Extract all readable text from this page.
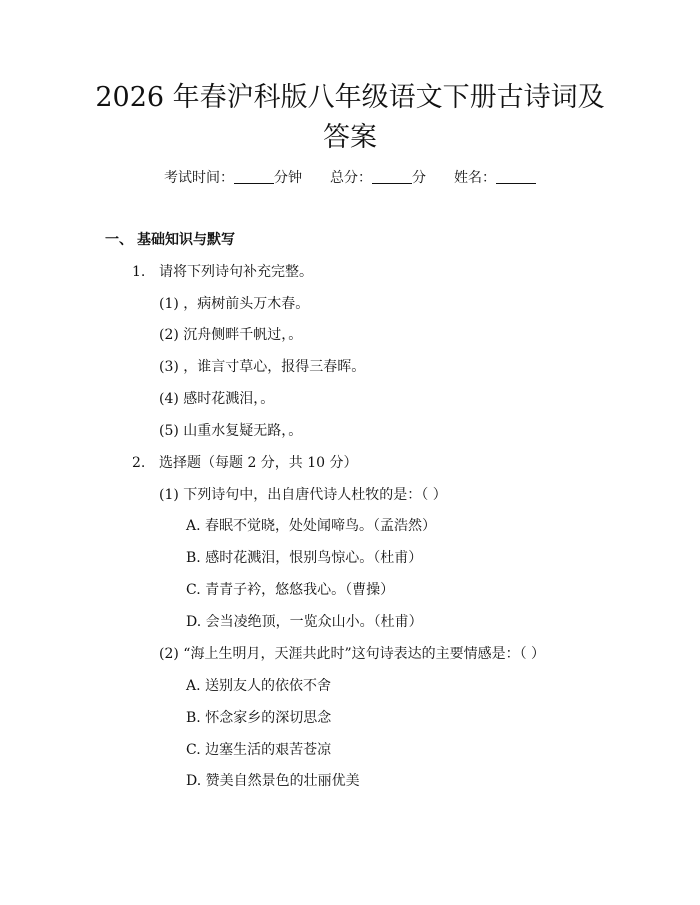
2026 年春沪科版八年级语文下册古诗词及答案
考试时间：	分钟 总分：	分 姓名：
一、 基础知识与默写
1. 请将下列诗句补充完整。
(1) ，病树前头万木春。
(2) 沉舟侧畔千帆过，。
(3) ，谁言寸草心，报得三春晖。
(4) 感时花溅泪，。
(5) 山重水复疑无路，。
2. 选择题（每题 2 分，共 10 分）
(1) 下列诗句中，出自唐代诗人杜牧的是：（ ）
A. 春眠不觉晓，处处闻啼鸟。（孟浩然）
B. 感时花溅泪，恨别鸟惊心。（杜甫）
C. 青青子衿，悠悠我心。（曹操）
D. 会当凌绝顶，一览众山小。（杜甫）
(2) “海上生明月，天涯共此时”这句诗表达的主要情感是：（ ）
A. 送别友人的依依不舍
B. 怀念家乡的深切思念
C. 边塞生活的艰苦苍凉
D. 赞美自然景色的壮丽优美
